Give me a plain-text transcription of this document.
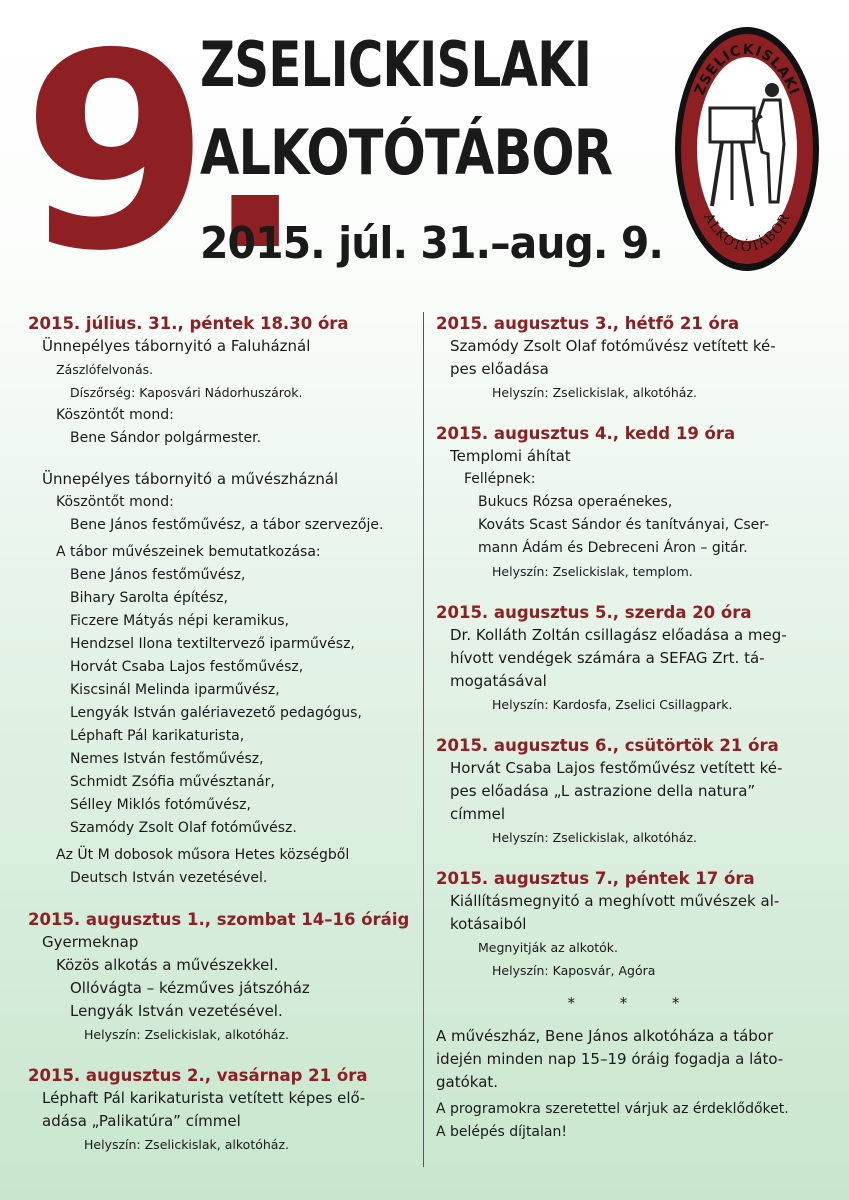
9.
ZSELICKISLAKI
ALKOTÓTÁBOR
2015. júl. 31.–aug. 9.
ZSELICKISLAKI
ALKOTÓTÁBOR

2015. július. 31., péntek 18.30 óra

Ünnepélyes tábornyitó a Faluháznál
Zászlófelvonás.
Díszőrség: Kaposvári Nádorhuszárok.
Köszöntőt mond:
Bene Sándor polgármester.
Ünnepélyes tábornyitó a művészháznál
Köszöntőt mond:
Bene János festőművész, a tábor szervezője.
A tábor művészeinek bemutatkozása:
Bene János festőművész,
Bihary Sarolta építész,
Ficzere Mátyás népi keramikus,
Hendzsel Ilona textiltervező iparművész,
Horvát Csaba Lajos festőművész,
Kiscsinál Melinda iparművész,
Lengyák István galériavezető pedagógus,
Léphaft Pál karikaturista,
Nemes István festőművész,
Schmidt Zsófia művésztanár,
Sélley Miklós fotóművész,
Szamódy Zsolt Olaf fotóművész.
Az Üt M dobosok műsora Hetes községből
Deutsch István vezetésével.

2015. augusztus 1., szombat 14–16 óráig

Gyermeknap
Közös alkotás a művészekkel.
Ollóvágta – kézműves játszóház
Lengyák István vezetésével.
Helyszín: Zselickislak, alkotóház.

2015. augusztus 2., vasárnap 21 óra

Léphaft Pál karikaturista vetített képes elő-
adása „Palikatúra” címmel
Helyszín: Zselickislak, alkotóház.

2015. augusztus 3., hétfő 21 óra

Szamódy Zsolt Olaf fotóművész vetített ké-
pes előadása
Helyszín: Zselickislak, alkotóház.

2015. augusztus 4., kedd 19 óra

Templomi áhítat
Fellépnek:
Bukucs Rózsa operaénekes,
Kováts Scast Sándor és tanítványai, Cser-
mann Ádám és Debreceni Áron – gitár.
Helyszín: Zselickislak, templom.

2015. augusztus 5., szerda 20 óra

Dr. Kolláth Zoltán csillagász előadása a meg-
hívott vendégek számára a SEFAG Zrt. tá-
mogatásával
Helyszín: Kardosfa, Zselici Csillagpark.

2015. augusztus 6., csütörtök 21 óra

Horvát Csaba Lajos festőművész vetített ké-
pes előadása „L astrazione della natura”
címmel
Helyszín: Zselickislak, alkotóház.

2015. augusztus 7., péntek 17 óra

Kiállításmegnyitó a meghívott művészek al-
kotásaiból
Megnyitják az alkotók.
Helyszín: Kaposvár, Agóra
* * *
A művészház, Bene János alkotóháza a tábor
idején minden nap 15–19 óráig fogadja a láto-
gatókat.
A programokra szeretettel várjuk az érdeklődőket.
A belépés díjtalan!
